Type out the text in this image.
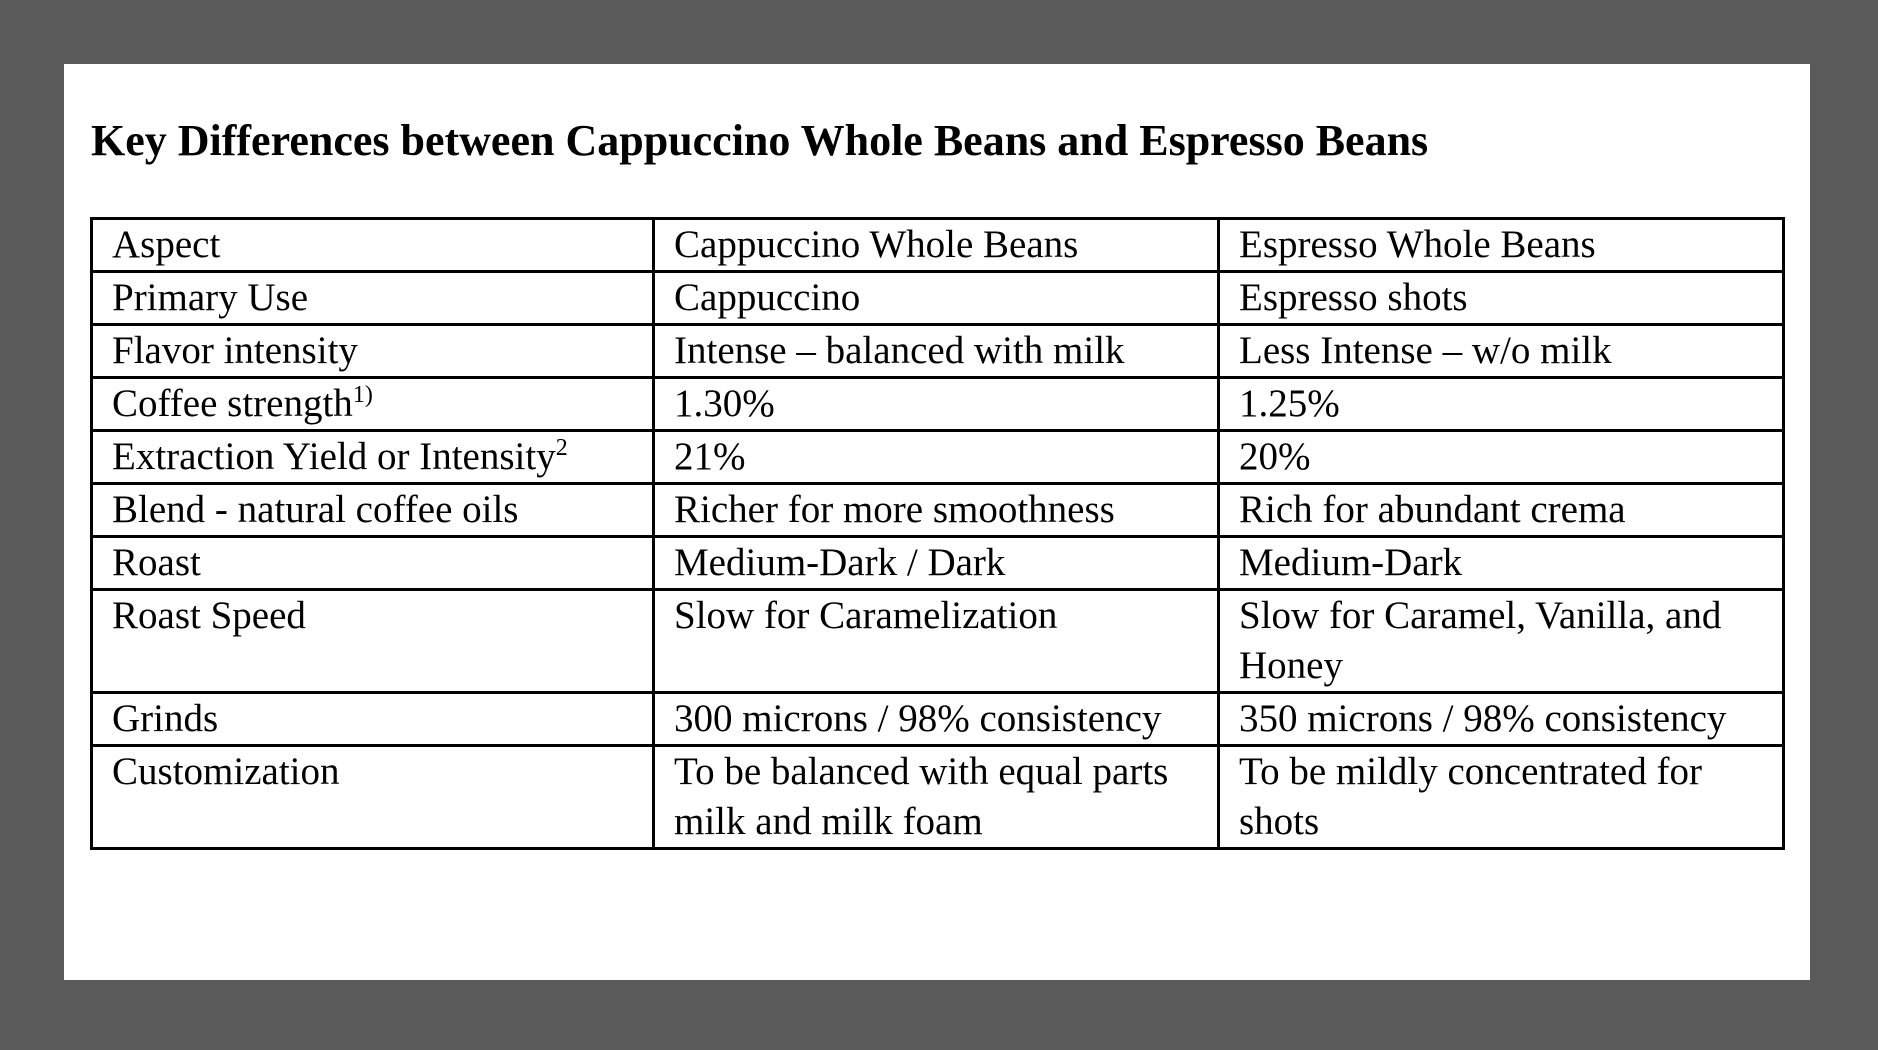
Key Differences between Cappuccino Whole Beans and Espresso Beans
Aspect	Cappuccino Whole Beans	Espresso Whole Beans
Primary Use	Cappuccino	Espresso shots
Flavor intensity	Intense – balanced with milk	Less Intense – w/o milk
Coffee strength$^{1)}$	1.30%	1.25%
Extraction Yield or Intensity$^2$	21%	20%
Blend - natural coffee oils	Richer for more smoothness	Rich for abundant crema
Roast	Medium-Dark / Dark	Medium-Dark
Roast Speed	Slow for Caramelization	Slow for Caramel, Vanilla, and Honey
Grinds	300 microns / 98% consistency	350 microns / 98% consistency
Customization	To be balanced with equal parts milk and milk foam	To be mildly concentrated for shots
